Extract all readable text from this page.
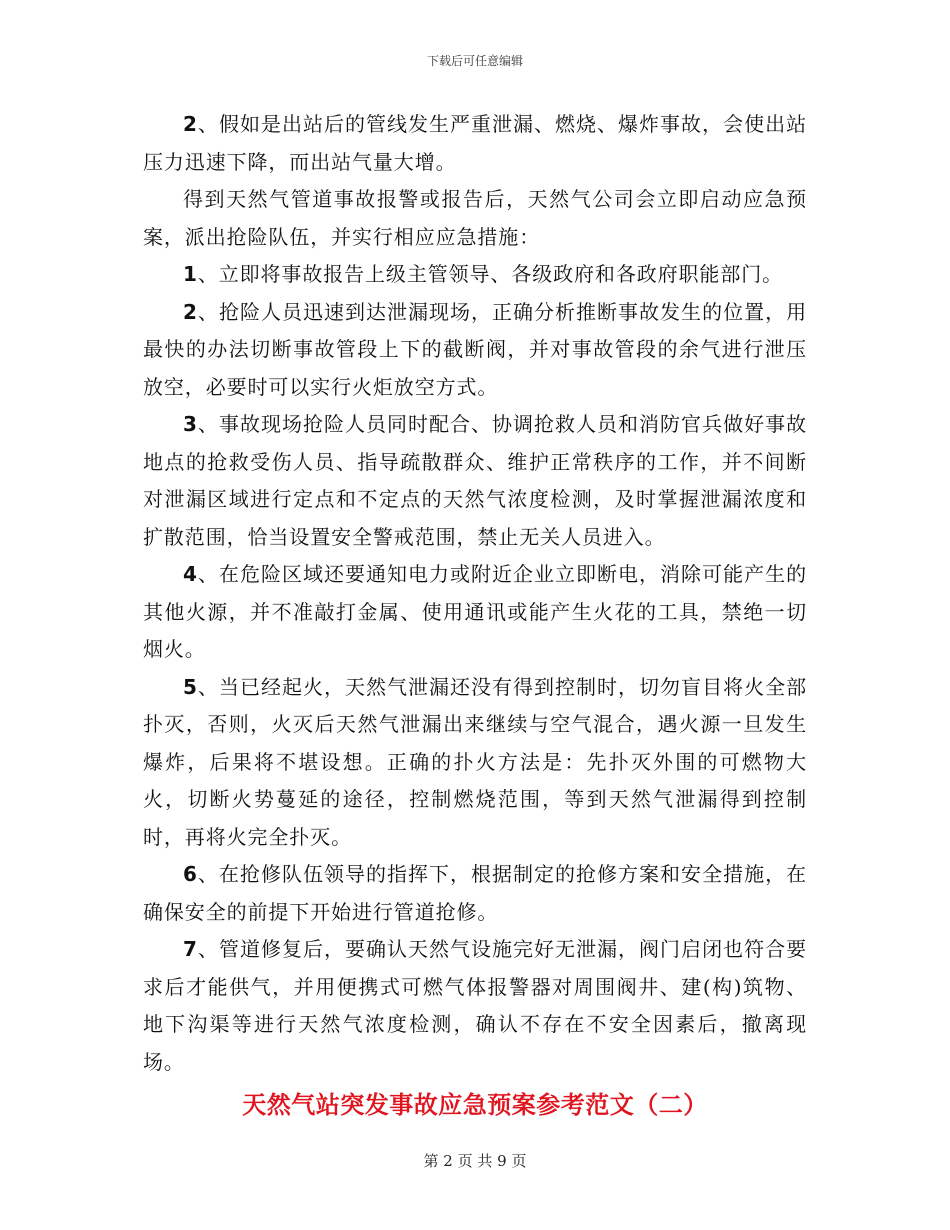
下载后可任意编辑

2、假如是出站后的管线发生严重泄漏、燃烧、爆炸事故，会使出站压力迅速下降，而出站气量大增。

得到天然气管道事故报警或报告后，天然气公司会立即启动应急预案，派出抢险队伍，并实行相应应急措施：

1、立即将事故报告上级主管领导、各级政府和各政府职能部门。

2、抢险人员迅速到达泄漏现场，正确分析推断事故发生的位置，用最快的办法切断事故管段上下的截断阀，并对事故管段的余气进行泄压放空，必要时可以实行火炬放空方式。

3、事故现场抢险人员同时配合、协调抢救人员和消防官兵做好事故地点的抢救受伤人员、指导疏散群众、维护正常秩序的工作，并不间断对泄漏区域进行定点和不定点的天然气浓度检测，及时掌握泄漏浓度和扩散范围，恰当设置安全警戒范围，禁止无关人员进入。

4、在危险区域还要通知电力或附近企业立即断电，消除可能产生的其他火源，并不准敲打金属、使用通讯或能产生火花的工具，禁绝一切烟火。

5、当已经起火，天然气泄漏还没有得到控制时，切勿盲目将火全部扑灭，否则，火灭后天然气泄漏出来继续与空气混合，遇火源一旦发生爆炸，后果将不堪设想。正确的扑火方法是：先扑灭外围的可燃物大火，切断火势蔓延的途径，控制燃烧范围，等到天然气泄漏得到控制时，再将火完全扑灭。

6、在抢修队伍领导的指挥下，根据制定的抢修方案和安全措施，在确保安全的前提下开始进行管道抢修。

7、管道修复后，要确认天然气设施完好无泄漏，阀门启闭也符合要求后才能供气，并用便携式可燃气体报警器对周围阀井、建(构)筑物、地下沟渠等进行天然气浓度检测，确认不存在不安全因素后，撤离现场。

天然气站突发事故应急预案参考范文（二）
第 2 页 共 9 页
